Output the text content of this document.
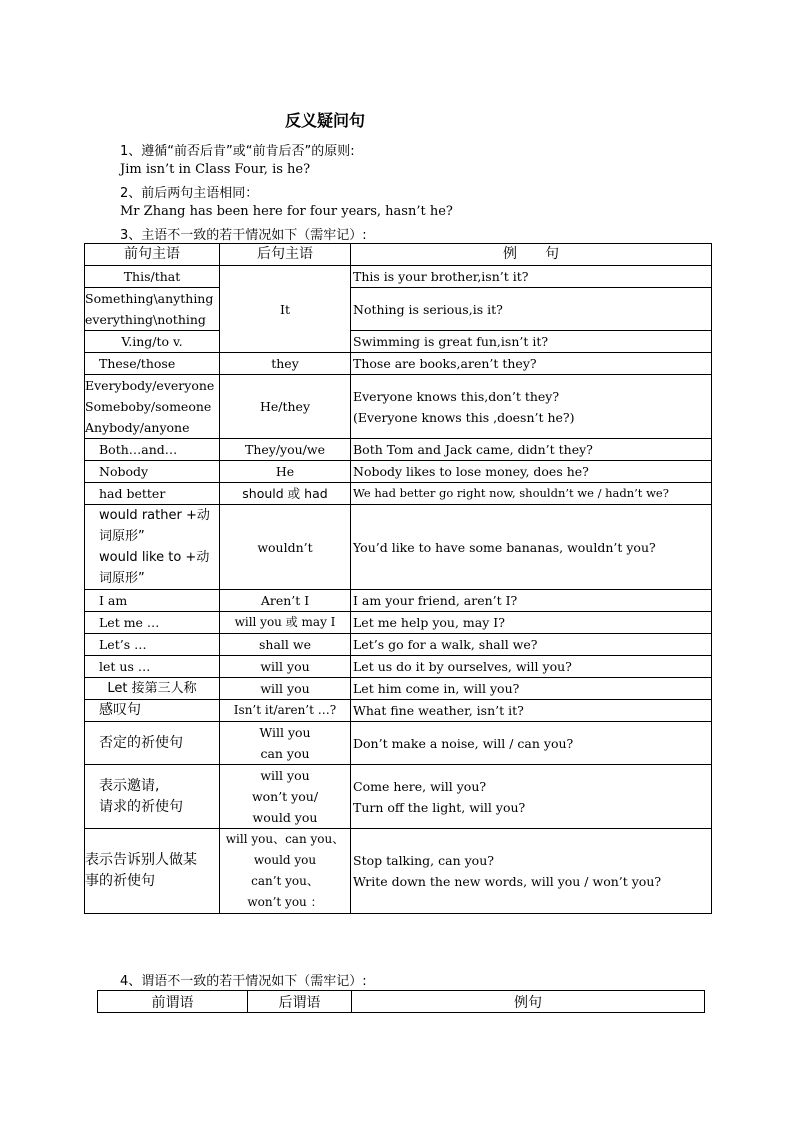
反义疑问句
1、遵循“前否后肯”或“前肯后否”的原则:
Jim isn’t in Class Four, is he?
2、前后两句主语相同：
Mr Zhang has been here for four years, hasn’t he?
3、主语不一致的若干情况如下（需牢记）:
前句主语	后句主语	例　　句
This/that	It	This is your brother,isn’t it?
Something\anything
everything\nothing		Nothing is serious,is it?
V.ing/to v.		Swimming is great fun,isn’t it?
These/those	they	Those are books,aren’t they?
Everybody/everyone
Someboby/someone
Anybody/anyone	He/they	Everyone knows this,don’t they?
(Everyone knows this ,doesn’t he?)
Both…and…	They/you/we	Both Tom and Jack came, didn’t they?
Nobody	He	Nobody likes to lose money, does he?
had better	should 或 had	We had better go right now, shouldn’t we / hadn’t we?
would rather +动
词原形”
would like to +动
词原形”	wouldn’t	You’d like to have some bananas, wouldn’t you?
I am	Aren’t I	I am your friend, aren’t I?
Let me …	will you 或 may I	Let me help you, may I?
Let’s …	shall we	Let’s go for a walk, shall we?
let us …	will you	Let us do it by ourselves, will you?
Let 接第三人称	will you	Let him come in, will you?
感叹句	Isn’t it/aren’t …?	What fine weather, isn’t it?
否定的祈使句	Will you
can you	Don’t make a noise, will / can you?
表示邀请,
请求的祈使句	will you
won’t you/
would you	Come here, will you?
Turn off the light, will you?
表示告诉别人做某
事的祈使句	will you、can you、
would you
can’t you、
won’t you ：	Stop talking, can you?
Write down the new words, will you / won’t you?
4、谓语不一致的若干情况如下（需牢记）:
前谓语	后谓语	例句
